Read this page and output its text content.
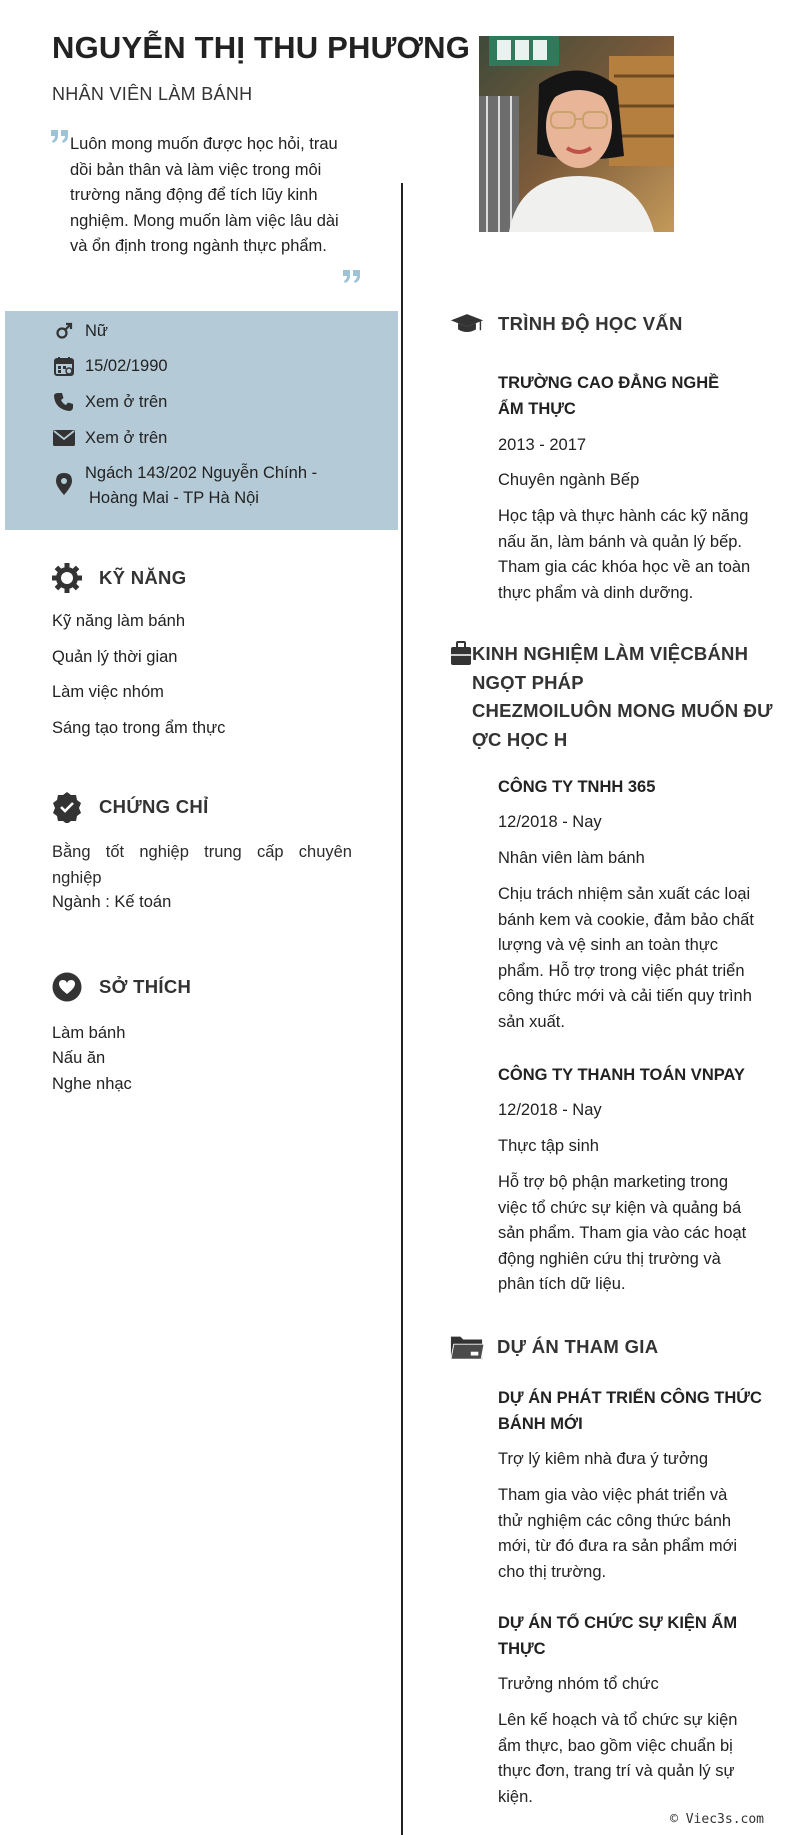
NGUYỄN THỊ THU PHƯƠNG
NHÂN VIÊN LÀM BÁNH
Luôn mong muốn được học hỏi, trau dồi bản thân và làm việc trong môi trường năng động để tích lũy kinh nghiệm. Mong muốn làm việc lâu dài và ổn định trong ngành thực phẩm.
Nữ
15/02/1990
Xem ở trên
Xem ở trên
Ngách 143/202 Nguyễn Chính -
Hoàng Mai - TP Hà Nội
KỸ NĂNG
Kỹ năng làm bánh
Quản lý thời gian
Làm việc nhóm
Sáng tạo trong ẩm thực
CHỨNG CHỈ
Bằng tốt nghiệp trung cấp chuyên nghiệp
Ngành : Kế toán
SỞ THÍCH
Làm bánh
Nấu ăn
Nghe nhạc
TRÌNH ĐỘ HỌC VẤN
TRƯỜNG CAO ĐẲNG NGHỀ ẨM THỰC
2013 - 2017
Chuyên ngành Bếp
Học tập và thực hành các kỹ năng nấu ăn, làm bánh và quản lý bếp. Tham gia các khóa học về an toàn thực phẩm và dinh dưỡng.
KINH NGHIỆM LÀM VIỆCBÁNH
NGỌT PHÁP
CHEZMOILUÔN MONG MUỐN ĐƯ
ỢC HỌC H
CÔNG TY TNHH 365
12/2018 - Nay
Nhân viên làm bánh
Chịu trách nhiệm sản xuất các loại bánh kem và cookie, đảm bảo chất lượng và vệ sinh an toàn thực phẩm. Hỗ trợ trong việc phát triển công thức mới và cải tiến quy trình sản xuất.
CÔNG TY THANH TOÁN VNPAY
12/2018 - Nay
Thực tập sinh
Hỗ trợ bộ phận marketing trong việc tổ chức sự kiện và quảng bá sản phẩm. Tham gia vào các hoạt động nghiên cứu thị trường và phân tích dữ liệu.
DỰ ÁN THAM GIA
DỰ ÁN PHÁT TRIỂN CÔNG THỨC BÁNH MỚI
Trợ lý kiêm nhà đưa ý tưởng
Tham gia vào việc phát triển và thử nghiệm các công thức bánh mới, từ đó đưa ra sản phẩm mới cho thị trường.
DỰ ÁN TỔ CHỨC SỰ KIỆN ẨM THỰC
Trưởng nhóm tổ chức
Lên kế hoạch và tổ chức sự kiện ẩm thực, bao gồm việc chuẩn bị thực đơn, trang trí và quản lý sự kiện.
© Viec3s.com
